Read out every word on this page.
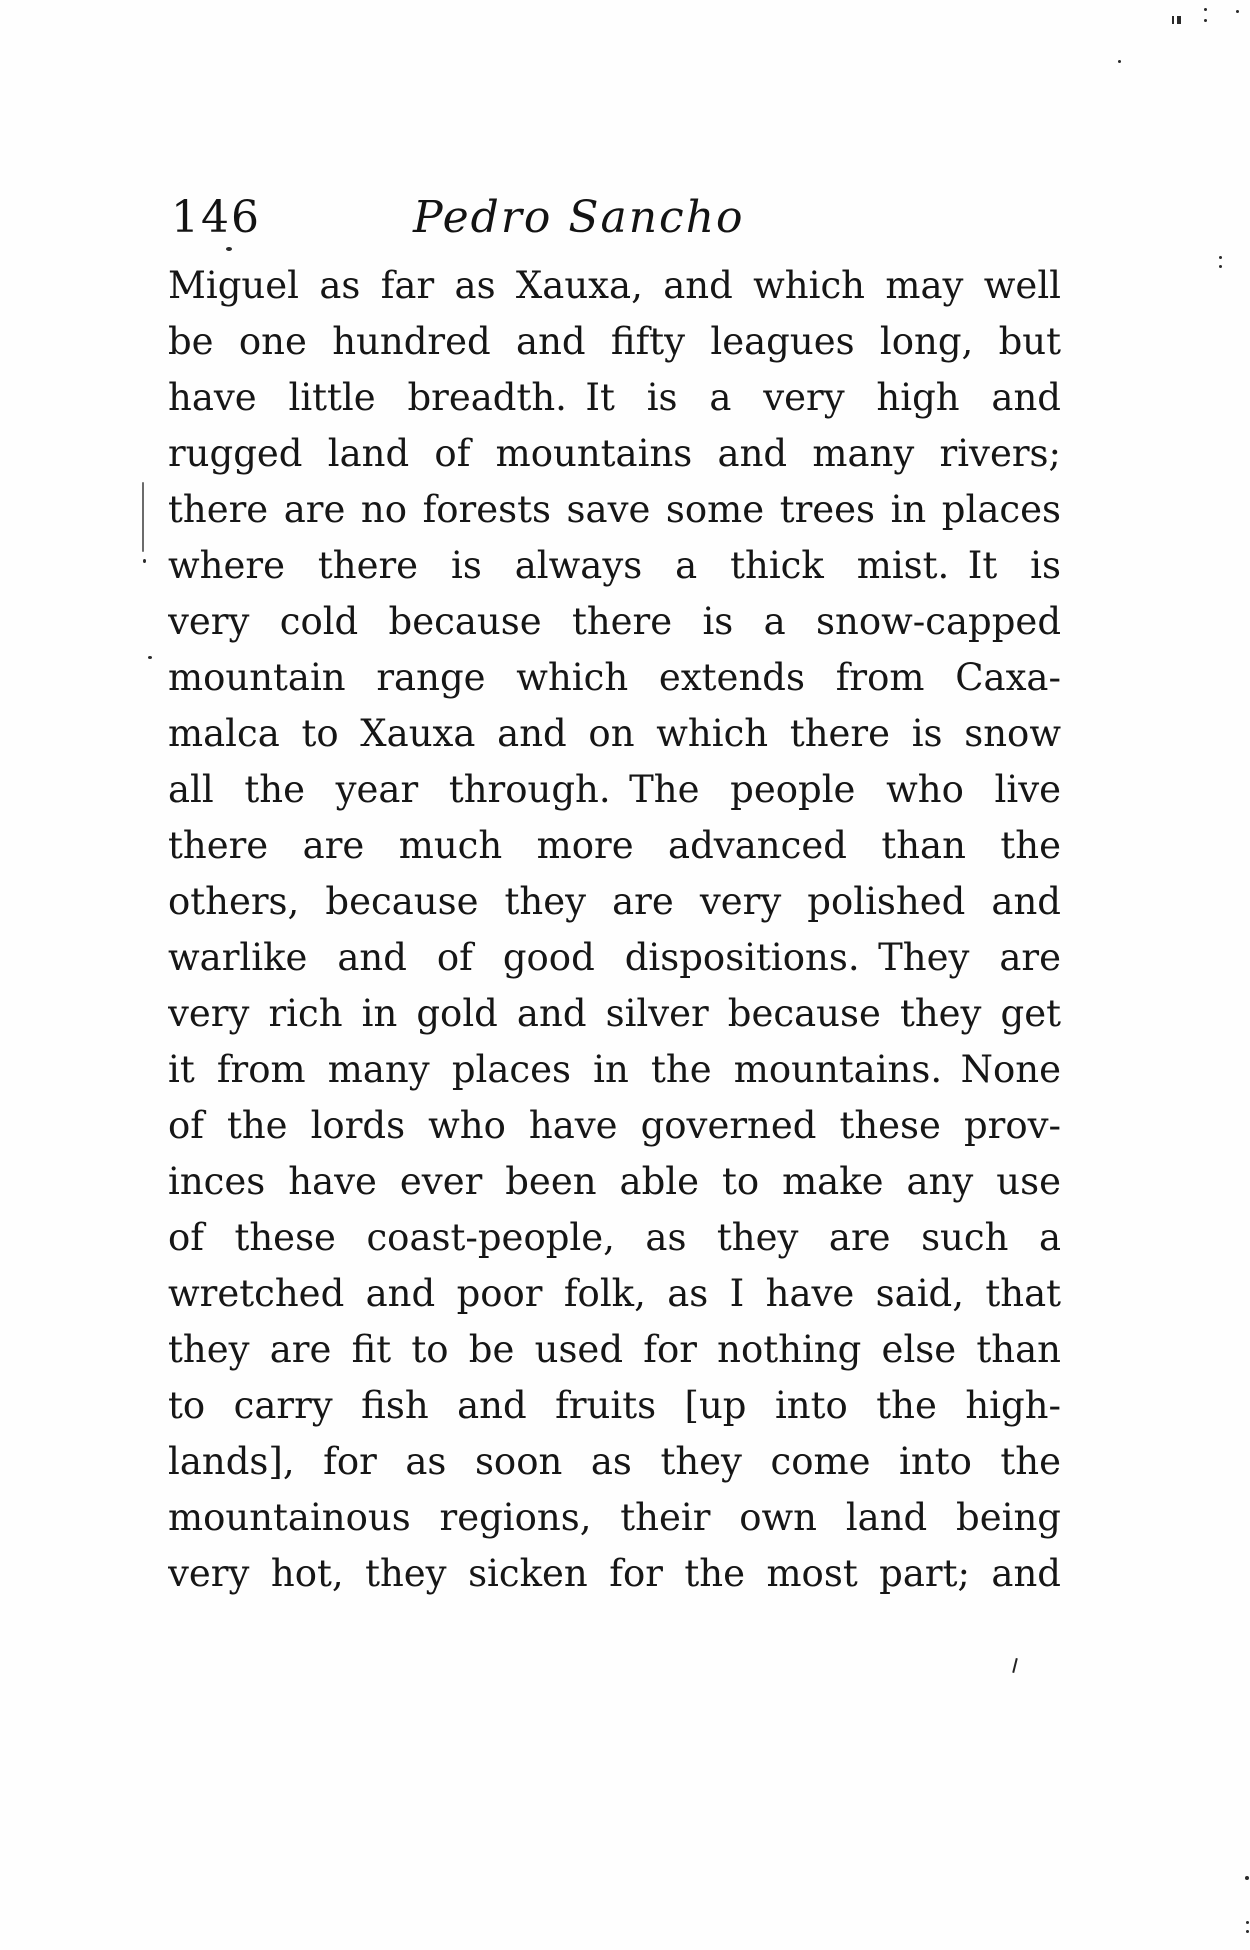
146	Pedro Sancho
Miguel as far as Xauxa, and which may well
be one hundred and fifty leagues long, but
have little breadth. It is a very high and
rugged land of mountains and many rivers;
there are no forests save some trees in places
where there is always a thick mist. It is
very cold because there is a snow-capped
mountain range which extends from Caxa-
malca to Xauxa and on which there is snow
all the year through. The people who live
there are much more advanced than the
others, because they are very polished and
warlike and of good dispositions. They are
very rich in gold and silver because they get
it from many places in the mountains. None
of the lords who have governed these prov-
inces have ever been able to make any use
of these coast-people, as they are such a
wretched and poor folk, as I have said, that
they are fit to be used for nothing else than
to carry fish and fruits [up into the high-
lands], for as soon as they come into the
mountainous regions, their own land being
very hot, they sicken for the most part; and
